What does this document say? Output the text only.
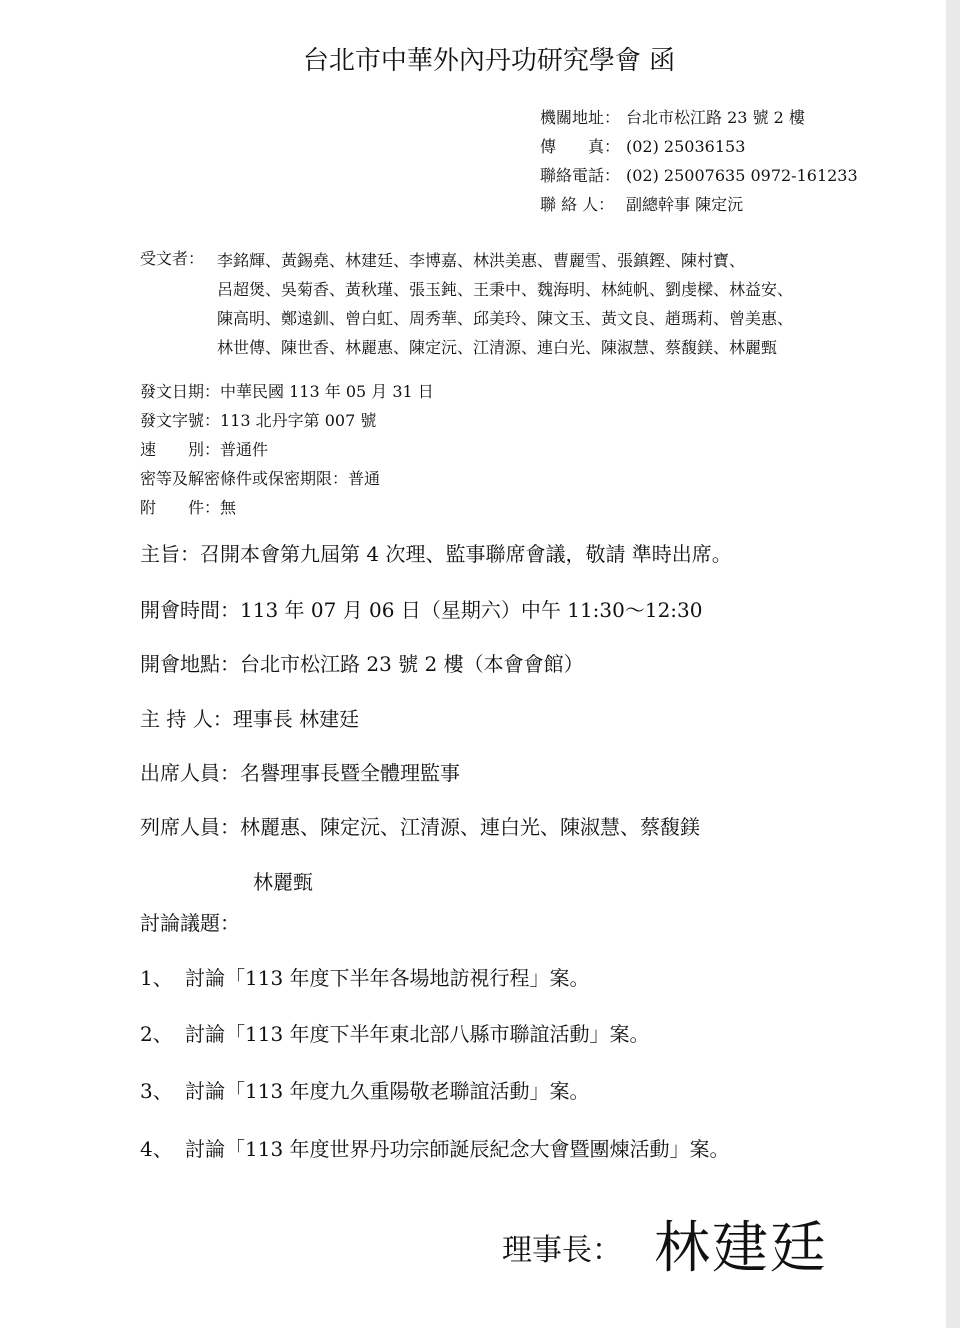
台北市中華外內丹功研究學會 函
機關地址： 台北市松江路 23 號 2 樓
傳　　真： (02) 25036153
聯絡電話： (02) 25007635 0972-161233
聯 絡 人： 副總幹事 陳定沅
受文者： 李銘輝、黃錫堯、林建廷、李博嘉、林洪美惠、曹麗雪、張鎮鏗、陳村寶、
呂超煲、吳菊香、黃秋瑾、張玉鈍、王秉中、魏海明、林純帆、劉虔樑、林益安、
陳高明、鄭遠釧、曾白虹、周秀華、邱美玲、陳文玉、黃文良、趙瑪莉、曾美惠、
林世傳、陳世香、林麗惠、陳定沅、江清源、連白光、陳淑慧、蔡馥鎂、林麗甄
發文日期：中華民國 113 年 05 月 31 日
發文字號：113 北丹字第 007 號
速　　別：普通件
密等及解密條件或保密期限：普通
附　　件：無
主旨：召開本會第九屆第 4 次理、監事聯席會議，敬請 準時出席。
開會時間：113 年 07 月 06 日（星期六）中午 11:30～12:30
開會地點：台北市松江路 23 號 2 樓（本會會館）
主 持 人：理事長 林建廷
出席人員：名譽理事長暨全體理監事
列席人員：林麗惠、陳定沅、江清源、連白光、陳淑慧、蔡馥鎂
林麗甄
討論議題：
1、 討論「113 年度下半年各場地訪視行程」案。
2、 討論「113 年度下半年東北部八縣市聯誼活動」案。
3、 討論「113 年度九久重陽敬老聯誼活動」案。
4、 討論「113 年度世界丹功宗師誕辰紀念大會暨團煉活動」案。
理事長： 林建廷
